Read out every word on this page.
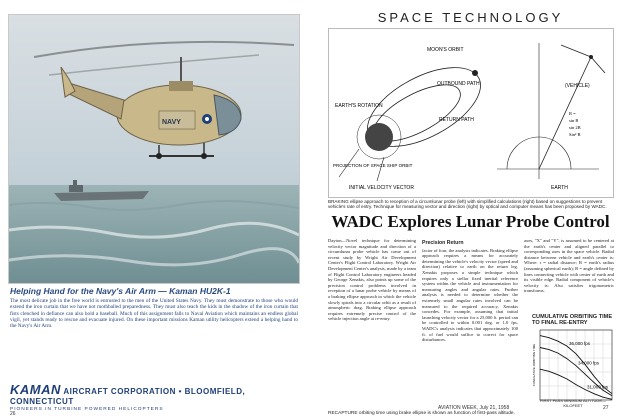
NAVY
Helping Hand for the Navy's Air Arm — Kaman HU2K-1
The most delicate job in the free world is entrusted to the men of the United States Navy. They must demonstrate to those who would extend the iron curtain that we have not mothballed preparedness. They must also teach the kids in the shadow of the iron curtain that fists clenched in defiance can also hold a baseball. Much of this assignment falls to Naval Aviation which maintains an endless global vigil, yet stands ready to rescue and evacuate injured. On these important missions Kaman utility helicopters extend a helping hand to the Navy's Air Arm.
KAMAN AIRCRAFT CORPORATION • BLOOMFIELD, CONNECTICUT
PIONEERS IN TURBINE POWERED HELICOPTERS
26
SPACE TECHNOLOGY
MOON'S ORBIT
OUTBOUND PATH
EARTH'S ROTATION
RETURN PATH
PROJECTION OF SPACE SHIP ORBIT
INITIAL VELOCITY VECTOR
(VEHICLE)
EARTH
R =
sin B
sin 2B
Sin² B
BRAKING ellipse approach to reception of a circumlunar probe (left) with simplified calculations (right) based on suggestions to prevent vehicle's rate of entry. Technique for measuring vector and direction (right) by optical and computer means has been proposed by WADC.
WADC Explores Lunar Probe Control
Dayton—Novel technique for determining velocity vector magnitude and direction of a circumlunar probe vehicle has come out of recent study by Wright Air Development Center's Flight Control Laboratory. Wright Air Development Center's analysis, made by a team of Flight Control Laboratory engineers headed by George Xenakis, also points up some of the precision control problems involved in reception of a lunar probe vehicle by means of a braking ellipse approach in which the vehicle slowly spirals into a circular orbit as a result of atmospheric drag. Braking ellipse approach requires extremely precise control of the vehicle injection angle at re-entry.
Precision Return
factor of four, the analysis indicates. Braking ellipse approach requires a means for accurately determining the vehicle's velocity vector (speed and direction) relative to earth on the return leg. Xenakis proposes a simple technique which requires only a stellar fixed inertial reference system within the vehicle and instrumentation for measuring angles and angular rates. Further analysis is needed to determine whether the extremely small angular rates involved can be measured to the required accuracy, Xenakis concedes. For example, assuming that initial launching velocity vector for a 25,000 ft. period can be controlled to within 0.001 deg. or 1.0 fps, WADC's analysis indicates that approximately 100 ft. of fuel would suffice to correct for space disturbances.
axes, "X" and "Y", is assumed to be centered at the earth's center and aligned parallel to corresponding axes in the space vehicle. Radial distance between vehicle and earth's center is: Where: r = radial distance; R = earth's radius (assuming spherical earth); R = angle defined by lines connecting vehicle with center of earth and its visible edge. Radial component of vehicle's velocity is: Also satisfies trigonometric transforms.
CUMULATIVE ORBITING TIME TO FINAL RE-ENTRY
CUMULATIVE ORBITING TIME
36,000 fps
34,000 fps
31,000 fps
FIRST PASS MINIMUM ALTITUDE—KILOFEET
RECAPTURE orbiting time using brake ellipse is shown as function of first-pass altitude.
AVIATION WEEK, July 21, 1958	27
